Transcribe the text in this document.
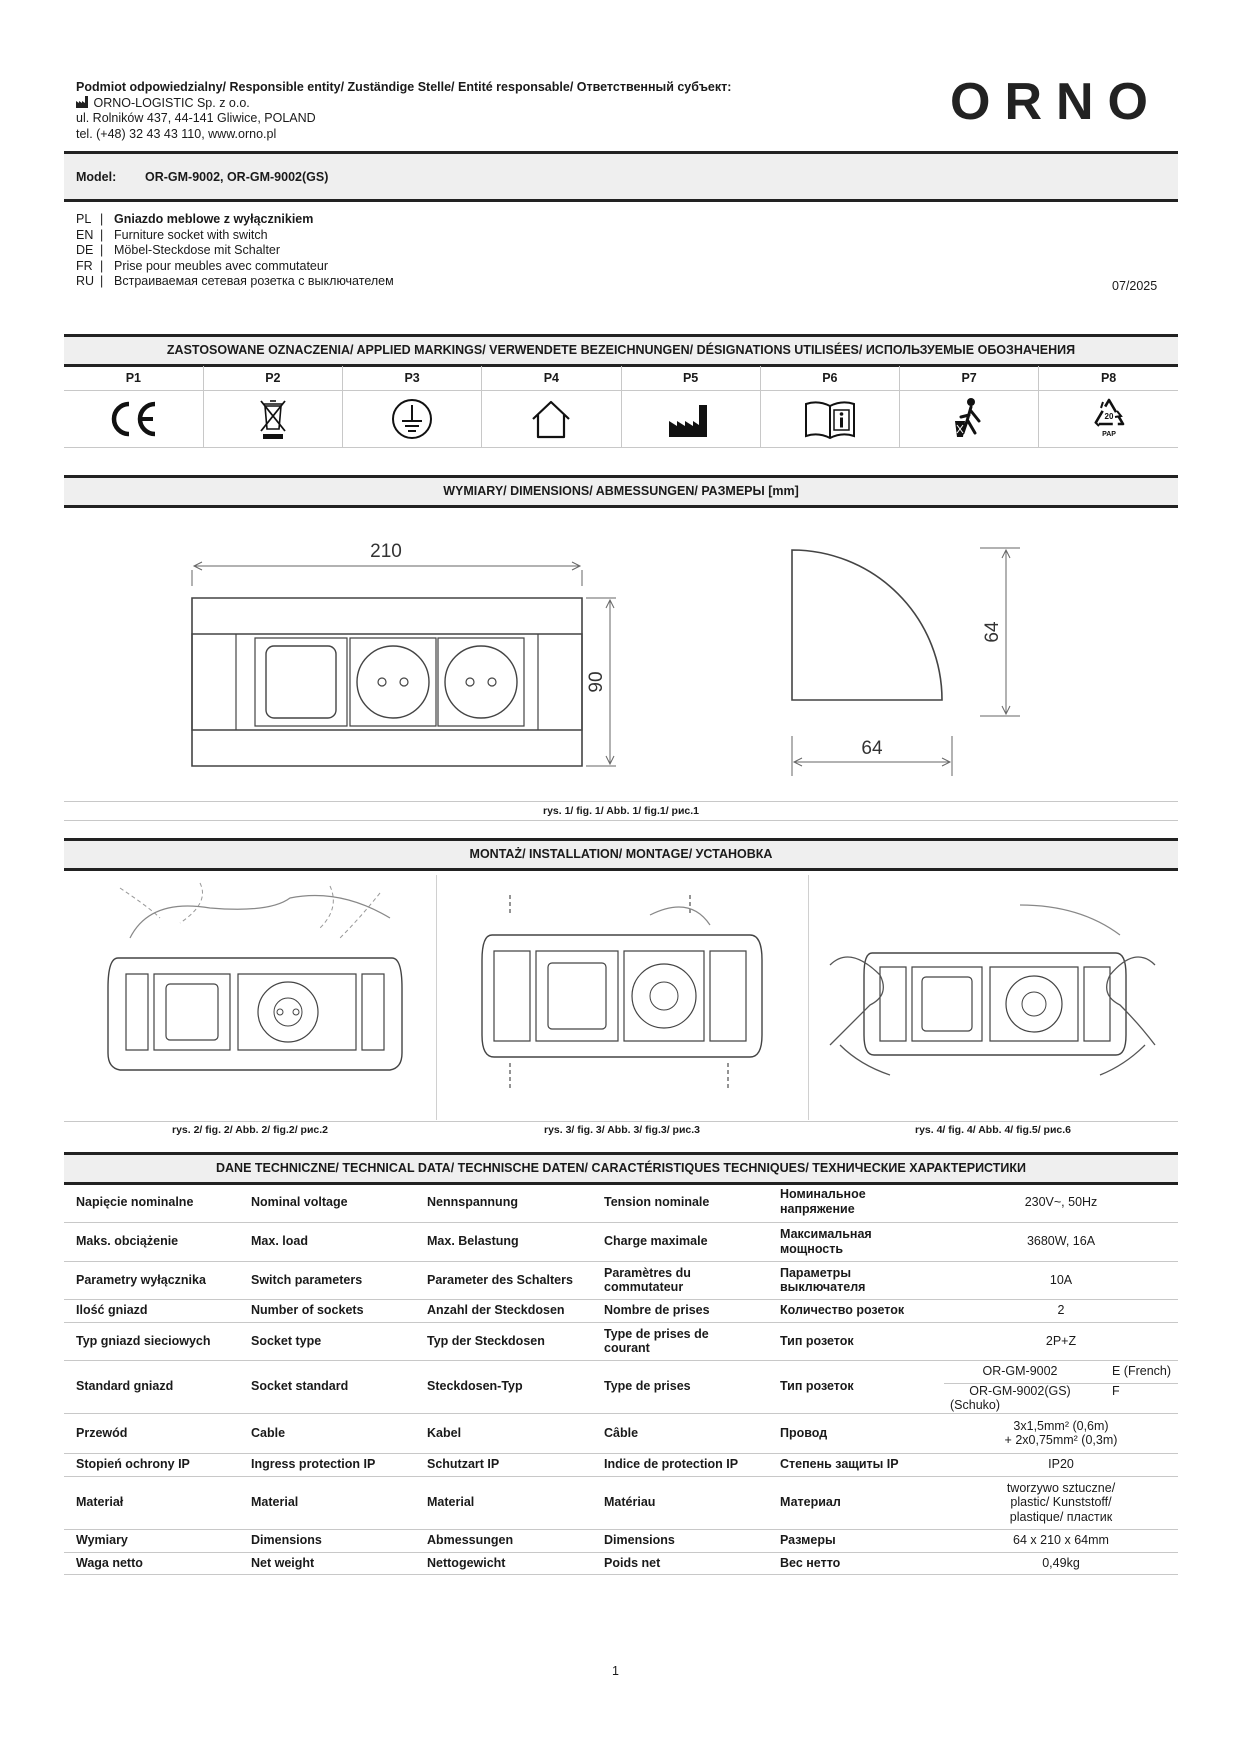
Podmiot odpowiedzialny/ Responsible entity/ Zuständige Stelle/ Entité responsable/ Ответственный субъект:
ORNO-LOGISTIC Sp. z o.o.
ul. Rolników 437, 44-141 Gliwice, POLAND
tel. (+48) 32 43 43 110, www.orno.pl
ORNO
Model: OR-GM-9002, OR-GM-9002(GS)
PL | Gniazdo meblowe z wyłącznikiem
EN | Furniture socket with switch
DE | Möbel-Steckdose mit Schalter
FR | Prise pour meubles avec commutateur
RU | Встраиваемая сетевая розетка с выключателем	07/2025
ZASTOSOWANE OZNACZENIA/ APPLIED MARKINGS/ VERWENDETE BEZEICHNUNGEN/ DÉSIGNATIONS UTILISÉES/ ИСПОЛЬЗУЕМЫЕ ОБОЗНАЧЕНИЯ
P1	P2	P3	P4	P5	P6	P7	P8

20
PAP
WYMIARY/ DIMENSIONS/ ABMESSUNGEN/ РАЗМЕРЫ [mm]
210
90
64
64
rys. 1/ fig. 1/ Abb. 1/ fig.1/ рис.1
MONTAŻ/ INSTALLATION/ MONTAGE/ УСТАНОВКА
rys. 2/ fig. 2/ Abb. 2/ fig.2/ рис.2	rys. 3/ fig. 3/ Abb. 3/ fig.3/ рис.3	rys. 4/ fig. 4/ Abb. 4/ fig.5/ рис.6
DANE TECHNICZNE/ TECHNICAL DATA/ TECHNISCHE DATEN/ CARACTÉRISTIQUES TECHNIQUES/ ТЕХНИЧЕСКИЕ ХАРАКТЕРИСТИКИ
Napięcie nominalne	Nominal voltage	Nennspannung	Tension nominale	Номинальное напряжение	230V~, 50Hz
Maks. obciążenie	Max. load	Max. Belastung	Charge maximale	Максимальная мощность	3680W, 16A
Parametry wyłącznika	Switch parameters	Parameter des Schalters	Paramètres du commutateur	Параметры выключателя	10A
Ilość gniazd	Number of sockets	Anzahl der Steckdosen	Nombre de prises	Количество розеток	2
Typ gniazd sieciowych	Socket type	Typ der Steckdosen	Type de prises de courant	Тип розеток	2P+Z
Standard gniazd	Socket standard	Steckdosen-Typ	Type de prises	Тип розеток	OR-GM-9002 E (French)
					OR-GM-9002(GS) F (Schuko)
Przewód	Cable	Kabel	Câble	Провод	3x1,5mm² (0,6m)
+ 2x0,75mm² (0,3m)

Stopień ochrony IP	Ingress protection IP	Schutzart IP	Indice de protection IP	Степень защиты IP	IP20
Materiał	Material	Material	Matériau	Материал	tworzywo sztuczne/
plastic/ Kunststoff/
plastique/ пластик

Wymiary	Dimensions	Abmessungen	Dimensions	Размеры	64 x 210 x 64mm
Waga netto	Net weight	Nettogewicht	Poids net	Вес нетто	0,49kg
1
